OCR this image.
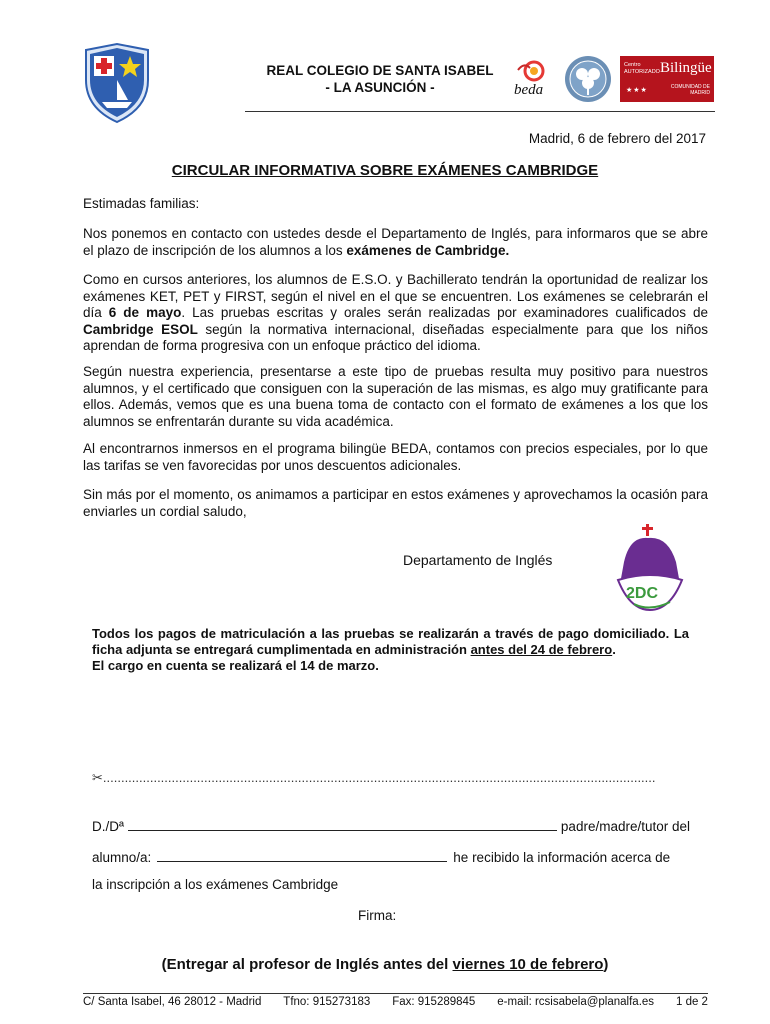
REAL COLEGIO DE SANTA ISABEL
- LA ASUNCIÓN -	beda
Centro AUTORIZADO Bilingüe
COMUNIDAD DE MADRID
★★★
Madrid, 6 de febrero del 2017
CIRCULAR INFORMATIVA SOBRE EXÁMENES CAMBRIDGE
Estimadas familias:
Nos ponemos en contacto con ustedes desde el Departamento de Inglés, para informaros que se abre el plazo de inscripción de los alumnos a los exámenes de Cambridge.
Como en cursos anteriores, los alumnos de E.S.O. y Bachillerato tendrán la oportunidad de realizar los exámenes KET, PET y FIRST, según el nivel en el que se encuentren. Los exámenes se celebrarán el día 6 de mayo. Las pruebas escritas y orales serán realizadas por examinadores cualificados de Cambridge ESOL según la normativa internacional, diseñadas especialmente para que los niños aprendan de forma progresiva con un enfoque práctico del idioma.
Según nuestra experiencia, presentarse a este tipo de pruebas resulta muy positivo para nuestros alumnos, y el certificado que consiguen con la superación de las mismas, es algo muy gratificante para ellos. Además, vemos que es una buena toma de contacto con el formato de exámenes a los que los alumnos se enfrentarán durante su vida académica.
Al encontrarnos inmersos en el programa bilingüe BEDA, contamos con precios especiales, por lo que las tarifas se ven favorecidas por unos descuentos adicionales.
Sin más por el momento, os animamos a participar en estos exámenes y aprovechamos la ocasión para enviarles un cordial saludo,
Departamento de Inglés
2DC
Todos los pagos de matriculación a las pruebas se realizarán a través de pago domiciliado. La ficha adjunta se entregará cumplimentada en administración antes del 24 de febrero.
El cargo en cuenta se realizará el 14 de marzo.
✂.........................................................................................................................................................
D./Dª	padre/madre/tutor del
alumno/a:	he recibido la información acerca de
la inscripción a los exámenes Cambridge
Firma:
(Entregar al profesor de Inglés antes del viernes 10 de febrero)
C/ Santa Isabel, 46 28012 - Madrid Tfno: 915273183 Fax: 915289845 e-mail: rcsisabela@planalfa.es 1 de 2
